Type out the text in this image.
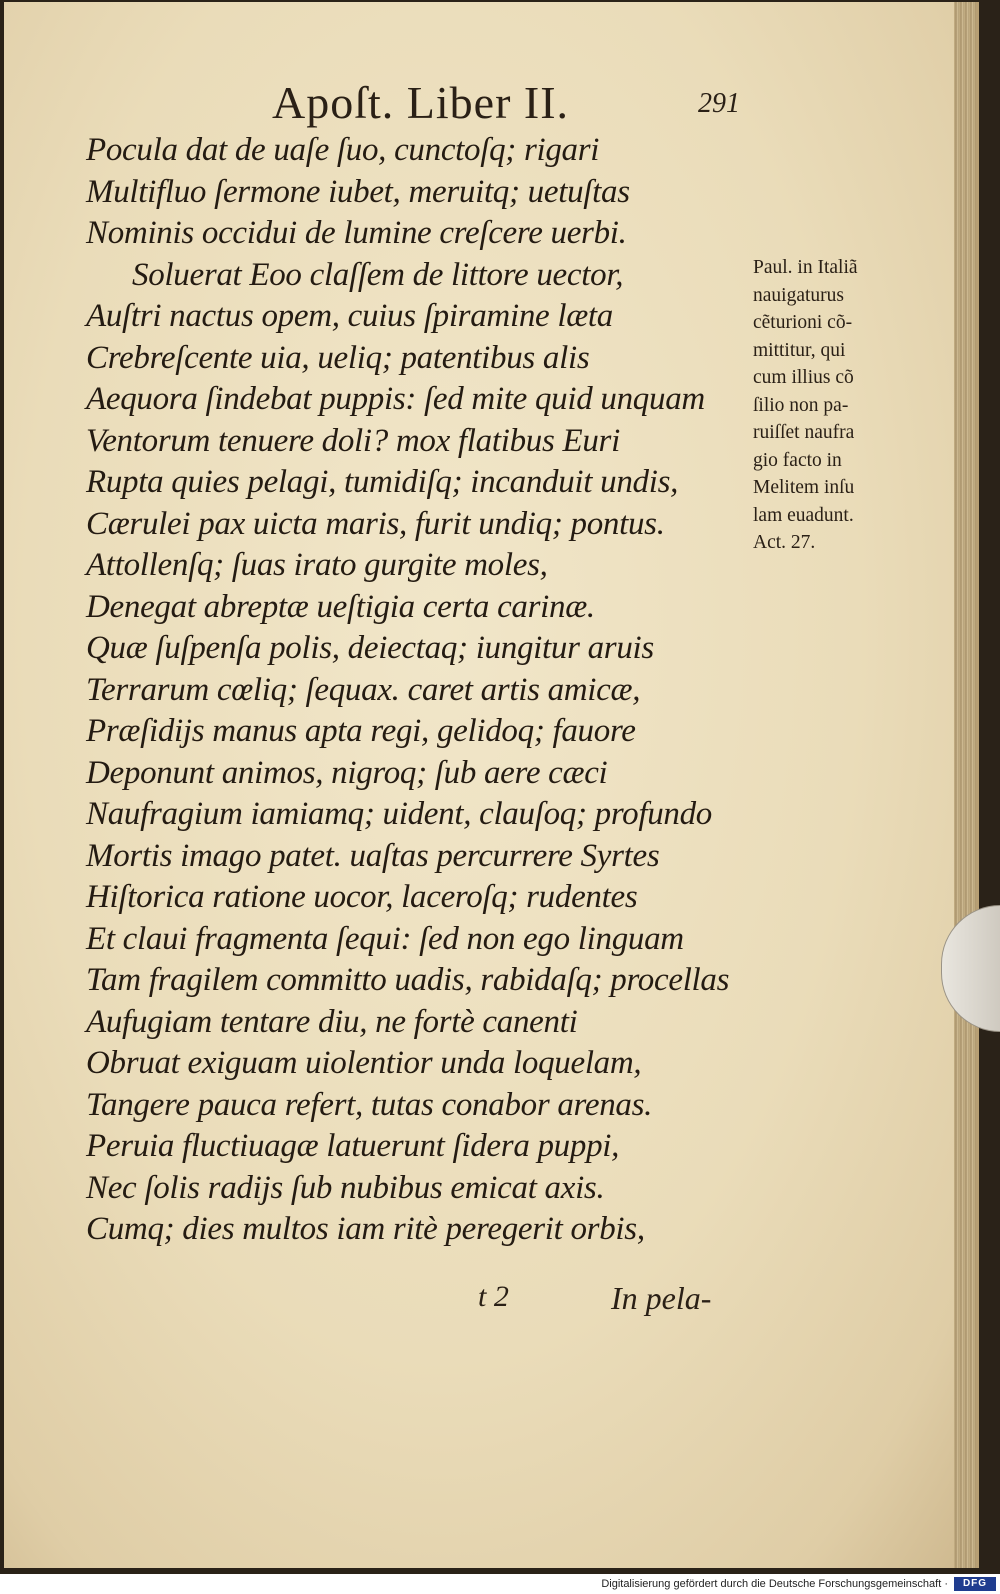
Apoſt. Liber II.	291
Pocula dat de uaſe ſuo, cunctoſq; rigari
Multifluo ſermone iubet, meruitq; uetuſtas
Nominis occidui de lumine creſcere uerbi.
Soluerat Eoo claſſem de littore uector,
Auſtri nactus opem, cuius ſpiramine læta
Crebreſcente uia, ueliq; patentibus alis
Aequora ſindebat puppis: ſed mite quid unquam
Ventorum tenuere doli? mox flatibus Euri
Rupta quies pelagi, tumidiſq; incanduit undis,
Cærulei pax uicta maris, furit undiq; pontus.
Attollenſq; ſuas irato gurgite moles,
Denegat abreptæ ueſtigia certa carinæ.
Quæ ſuſpenſa polis, deiectaq; iungitur aruis
Terrarum cœliq; ſequax. caret artis amicæ,
Præſidijs manus apta regi, gelidoq; fauore
Deponunt animos, nigroq; ſub aere cæci
Naufragium iamiamq; uident, clauſoq; profundo
Mortis imago patet. uaſtas percurrere Syrtes
Hiſtorica ratione uocor, laceroſq; rudentes
Et claui fragmenta ſequi: ſed non ego linguam
Tam fragilem committo uadis, rabidaſq; procellas
Aufugiam tentare diu, ne fortè canenti
Obruat exiguam uiolentior unda loquelam,
Tangere pauca refert, tutas conabor arenas.
Peruia fluctiuagæ latuerunt ſidera puppi,
Nec ſolis radijs ſub nubibus emicat axis.
Cumq; dies multos iam ritè peregerit orbis,
Paul. in Italiã
nauigaturus
cẽturioni cõ-
mittitur, qui
cum illius cõ
ſilio non pa-
ruiſſet naufra
gio facto in
Melitem inſu
lam euadunt.
Act. 27.
t 2	In pela-
Digitalisierung gefördert durch die Deutsche Forschungsgemeinschaft ·	DFG
